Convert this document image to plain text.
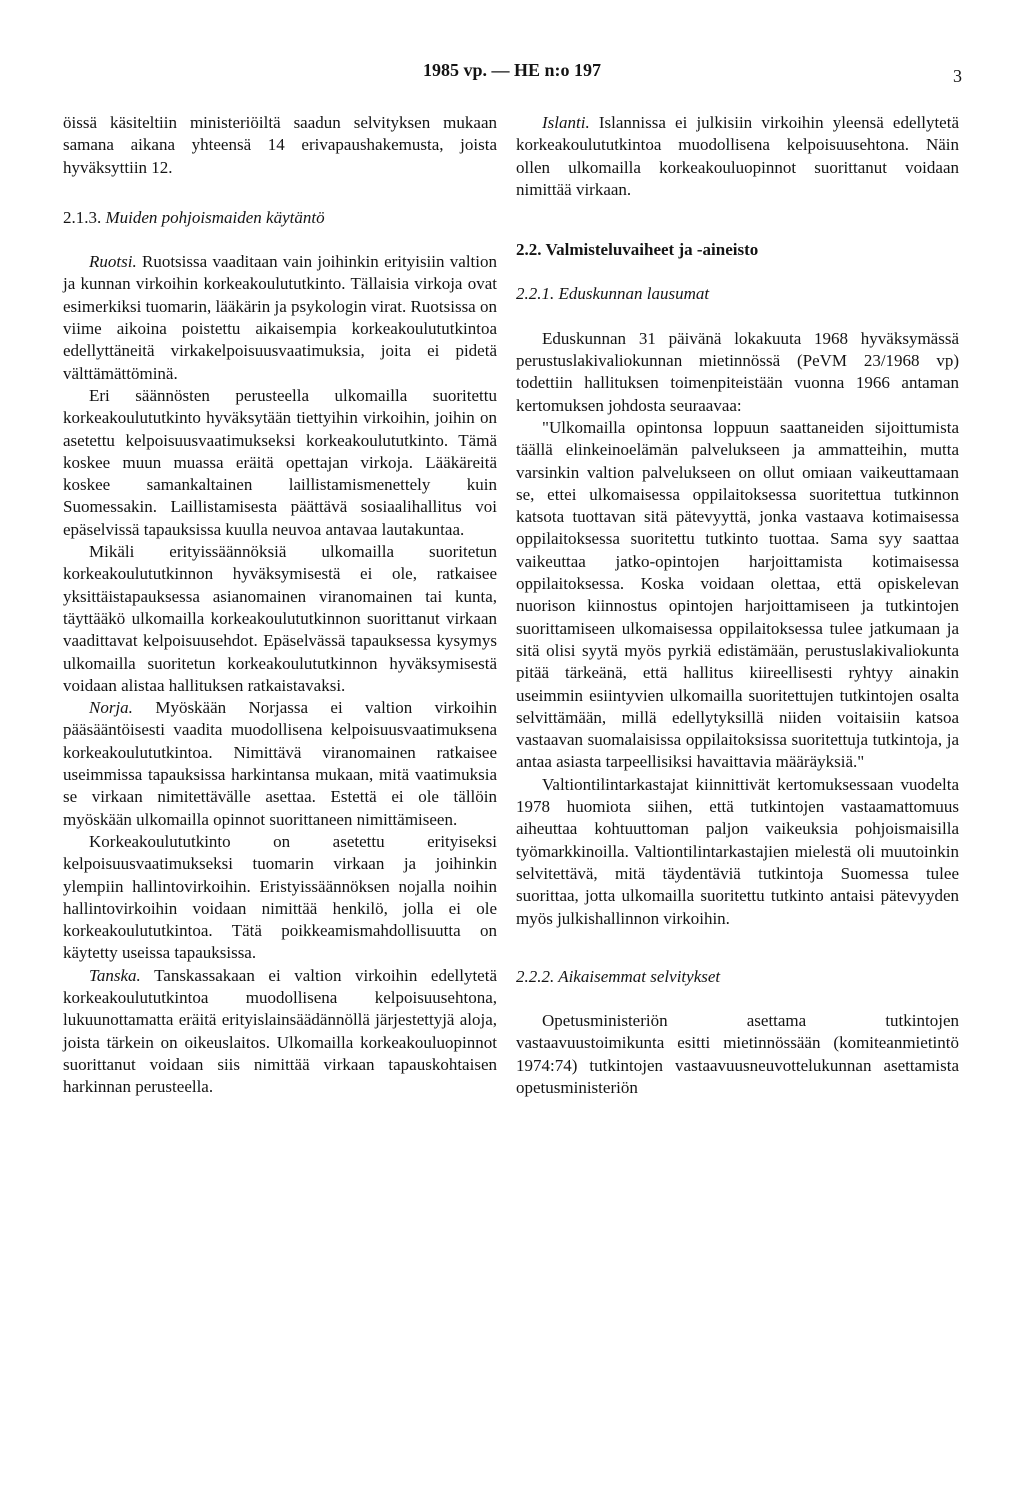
1985 vp. — HE n:o 197	3

öissä käsiteltiin ministeriöiltä saadun selvityksen mukaan samana aikana yhteensä 14 erivapaushakemusta, joista hyväksyttiin 12.

2.1.3. Muiden pohjoismaiden käytäntö

Ruotsi. Ruotsissa vaaditaan vain joihinkin erityisiin valtion ja kunnan virkoihin korkeakoulututkinto. Tällaisia virkoja ovat esimerkiksi tuomarin, lääkärin ja psykologin virat. Ruotsissa on viime aikoina poistettu aikaisempia korkeakoulututkintoa edellyttäneitä virkakelpoisuusvaatimuksia, joita ei pidetä välttämättöminä.

Eri säännösten perusteella ulkomailla suoritettu korkeakoulututkinto hyväksytään tiettyihin virkoihin, joihin on asetettu kelpoisuusvaatimukseksi korkeakoulututkinto. Tämä koskee muun muassa eräitä opettajan virkoja. Lääkäreitä koskee samankaltainen laillistamismenettely kuin Suomessakin. Laillistamisesta päättävä sosiaalihallitus voi epäselvissä tapauksissa kuulla neuvoa antavaa lautakuntaa.

Mikäli erityissäännöksiä ulkomailla suoritetun korkeakoulututkinnon hyväksymisestä ei ole, ratkaisee yksittäistapauksessa asianomainen viranomainen tai kunta, täyttääkö ulkomailla korkeakoulututkinnon suorittanut virkaan vaadittavat kelpoisuusehdot. Epäselvässä tapauksessa kysymys ulkomailla suoritetun korkeakoulututkinnon hyväksymisestä voidaan alistaa hallituksen ratkaistavaksi.

Norja. Myöskään Norjassa ei valtion virkoihin pääsääntöisesti vaadita muodollisena kelpoisuusvaatimuksena korkeakoulututkintoa. Nimittävä viranomainen ratkaisee useimmissa tapauksissa harkintansa mukaan, mitä vaatimuksia se virkaan nimitettävälle asettaa. Estettä ei ole tällöin myöskään ulkomailla opinnot suorittaneen nimittämiseen.

Korkeakoulututkinto on asetettu erityiseksi kelpoisuusvaatimukseksi tuomarin virkaan ja joihinkin ylempiin hallintovirkoihin. Eristyissäännöksen nojalla noihin hallintovirkoihin voidaan nimittää henkilö, jolla ei ole korkeakoulututkintoa. Tätä poikkeamismahdollisuutta on käytetty useissa tapauksissa.

Tanska. Tanskassakaan ei valtion virkoihin edellytetä korkeakoulututkintoa muodollisena kelpoisuusehtona, lukuunottamatta eräitä erityislainsäädännöllä järjestettyjä aloja, joista tärkein on oikeuslaitos. Ulkomailla korkeakouluopinnot suorittanut voidaan siis nimittää virkaan tapauskohtaisen harkinnan perusteella.

Islanti. Islannissa ei julkisiin virkoihin yleensä edellytetä korkeakoulututkintoa muodollisena kelpoisuusehtona. Näin ollen ulkomailla korkeakouluopinnot suorittanut voidaan nimittää virkaan.

2.2. Valmisteluvaiheet ja -aineisto

2.2.1. Eduskunnan lausumat

Eduskunnan 31 päivänä lokakuuta 1968 hyväksymässä perustuslakivaliokunnan mietinnössä (PeVM 23/1968 vp) todettiin hallituksen toimenpiteistään vuonna 1966 antaman kertomuksen johdosta seuraavaa:

"Ulkomailla opintonsa loppuun saattaneiden sijoittumista täällä elinkeinoelämän palvelukseen ja ammatteihin, mutta varsinkin valtion palvelukseen on ollut omiaan vaikeuttamaan se, ettei ulkomaisessa oppilaitoksessa suoritettua tutkinnon katsota tuottavan sitä pätevyyttä, jonka vastaava kotimaisessa oppilaitoksessa suoritettu tutkinto tuottaa. Sama syy saattaa vaikeuttaa jatko-opintojen harjoittamista kotimaisessa oppilaitoksessa. Koska voidaan olettaa, että opiskelevan nuorison kiinnostus opintojen harjoittamiseen ja tutkintojen suorittamiseen ulkomaisessa oppilaitoksessa tulee jatkumaan ja sitä olisi syytä myös pyrkiä edistämään, perustuslakivaliokunta pitää tärkeänä, että hallitus kiireellisesti ryhtyy ainakin useimmin esiintyvien ulkomailla suoritettujen tutkintojen osalta selvittämään, millä edellytyksillä niiden voitaisiin katsoa vastaavan suomalaisissa oppilaitoksissa suoritettuja tutkintoja, ja antaa asiasta tarpeellisiksi havaittavia määräyksiä."

Valtiontilintarkastajat kiinnittivät kertomuksessaan vuodelta 1978 huomiota siihen, että tutkintojen vastaamattomuus aiheuttaa kohtuuttoman paljon vaikeuksia pohjoismaisilla työmarkkinoilla. Valtiontilintarkastajien mielestä oli muutoinkin selvitettävä, mitä täydentäviä tutkintoja Suomessa tulee suorittaa, jotta ulkomailla suoritettu tutkinto antaisi pätevyyden myös julkishallinnon virkoihin.

2.2.2. Aikaisemmat selvitykset

Opetusministeriön asettama tutkintojen vastaavuustoimikunta esitti mietinnössään (komiteanmietintö 1974:74) tutkintojen vastaavuusneuvottelukunnan asettamista opetusministeriön
